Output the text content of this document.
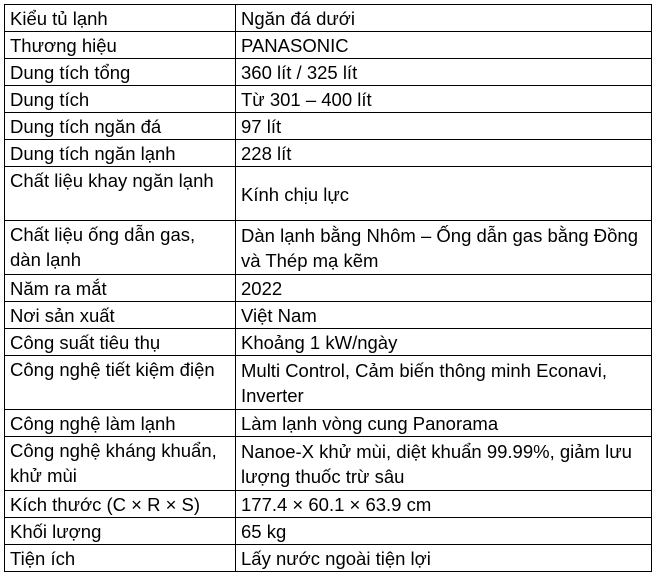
Kiểu tủ lạnh	Ngăn đá dưới
Thương hiệu	PANASONIC
Dung tích tổng	360 lít / 325 lít
Dung tích	Từ 301 – 400 lít
Dung tích ngăn đá	97 lít
Dung tích ngăn lạnh	228 lít
Chất liệu khay ngăn lạnh	Kính chịu lực
Chất liệu ống dẫn gas, dàn lạnh	Dàn lạnh bằng Nhôm – Ống dẫn gas bằng Đồng và Thép mạ kẽm
Năm ra mắt	2022
Nơi sản xuất	Việt Nam
Công suất tiêu thụ	Khoảng 1 kW/ngày
Công nghệ tiết kiệm điện	Multi Control, Cảm biến thông minh Econavi, Inverter
Công nghệ làm lạnh	Làm lạnh vòng cung Panorama
Công nghệ kháng khuẩn, khử mùi	Nanoe-X khử mùi, diệt khuẩn 99.99%, giảm lưu lượng thuốc trừ sâu
Kích thước (C × R × S)	177.4 × 60.1 × 63.9 cm
Khối lượng	65 kg
Tiện ích	Lấy nước ngoài tiện lợi
